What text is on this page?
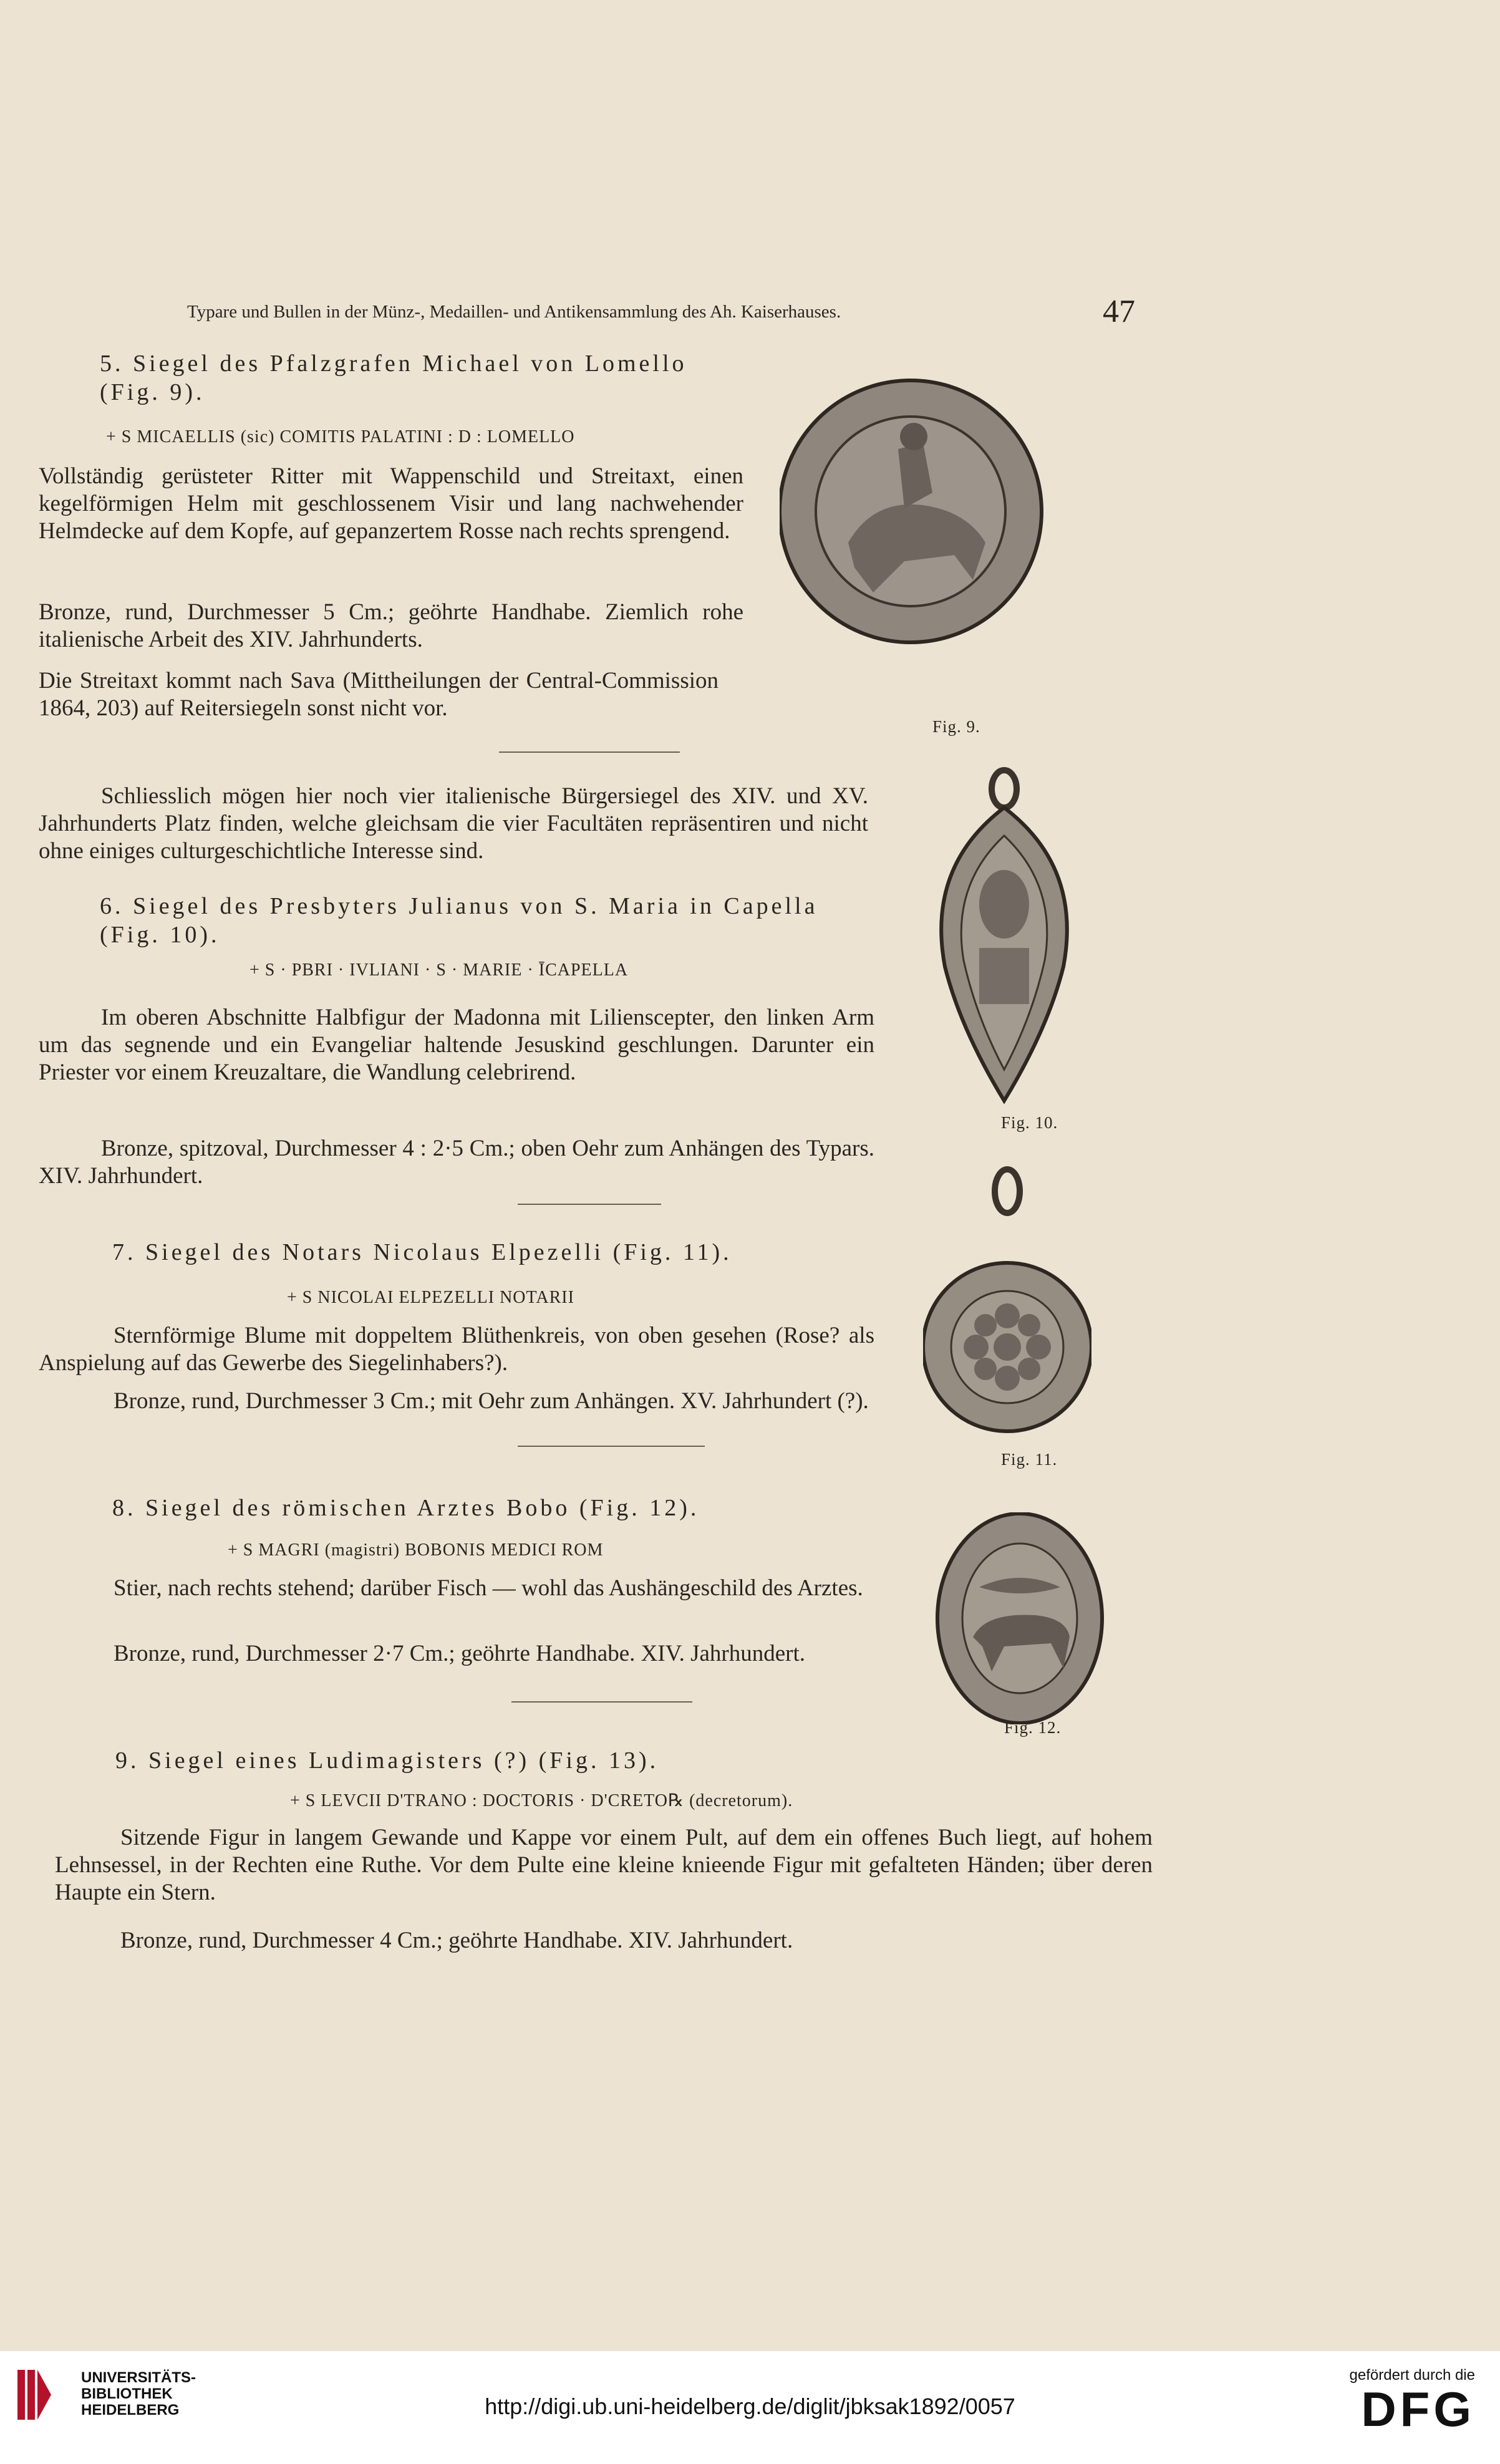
Typare und Bullen in der Münz-, Medaillen- und Antikensammlung des Ah. Kaiserhauses.	47
5. Siegel des Pfalzgrafen Michael von Lomello (Fig. 9).
+ S MICAELLIS (sic) COMITIS PALATINI : D : LOMELLO
Vollständig gerüsteter Ritter mit Wappenschild und Streitaxt, einen kegelförmigen Helm mit geschlossenem Visir und lang nachwehender Helmdecke auf dem Kopfe, auf gepanzertem Rosse nach rechts sprengend.
Bronze, rund, Durchmesser 5 Cm.; geöhrte Handhabe. Ziemlich rohe italienische Arbeit des XIV. Jahrhunderts.
Die Streitaxt kommt nach Sava (Mittheilungen der Central-Commission 1864, 203) auf Reitersiegeln sonst nicht vor.
Fig. 9.
Schliesslich mögen hier noch vier italienische Bürgersiegel des XIV. und XV. Jahrhunderts Platz finden, welche gleichsam die vier Facultäten repräsentiren und nicht ohne einiges culturgeschichtliche Interesse sind.
6. Siegel des Presbyters Julianus von S. Maria in Capella (Fig. 10).
+ S · PBRI · IVLIANI · S · MARIE · ĪCAPELLA
Im oberen Abschnitte Halbfigur der Madonna mit Lilienscepter, den linken Arm um das segnende und ein Evangeliar haltende Jesuskind geschlungen. Darunter ein Priester vor einem Kreuzaltare, die Wandlung celebrirend.
Bronze, spitzoval, Durchmesser 4 : 2·5 Cm.; oben Oehr zum Anhängen des Typars. XIV. Jahrhundert.
Fig. 10.
7. Siegel des Notars Nicolaus Elpezelli (Fig. 11).
+ S NICOLAI ELPEZELLI NOTARII
Sternförmige Blume mit doppeltem Blüthenkreis, von oben gesehen (Rose? als Anspielung auf das Gewerbe des Siegelinhabers?).
Bronze, rund, Durchmesser 3 Cm.; mit Oehr zum Anhängen. XV. Jahrhundert (?).
Fig. 11.
8. Siegel des römischen Arztes Bobo (Fig. 12).
+ S MAGRI (magistri) BOBONIS MEDICI ROM
Stier, nach rechts stehend; darüber Fisch — wohl das Aushängeschild des Arztes.
Bronze, rund, Durchmesser 2·7 Cm.; geöhrte Handhabe. XIV. Jahrhundert.
Fig. 12.
9. Siegel eines Ludimagisters (?) (Fig. 13).
+ S LEVCII D'TRANO : DOCTORIS · D'CRETO℞ (decretorum).
Sitzende Figur in langem Gewande und Kappe vor einem Pult, auf dem ein offenes Buch liegt, auf hohem Lehnsessel, in der Rechten eine Ruthe. Vor dem Pulte eine kleine knieende Figur mit gefalteten Händen; über deren Haupte ein Stern.
Bronze, rund, Durchmesser 4 Cm.; geöhrte Handhabe. XIV. Jahrhundert.
UNIVERSITÄTS-
BIBLIOTHEK
HEIDELBERG	http://digi.ub.uni-heidelberg.de/diglit/jbksak1892/0057
gefördert durch die
DFG
